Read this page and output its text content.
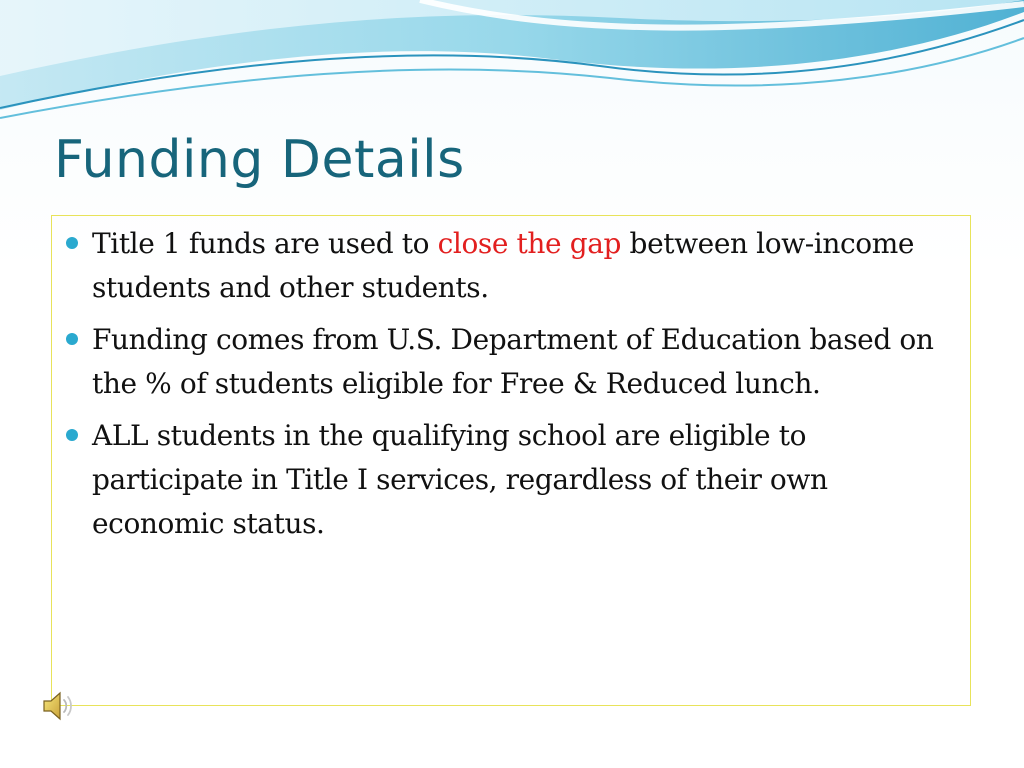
Funding Details
Title 1 funds are used to close the gap between low-income students and other students.
Funding comes from U.S. Department of Education based on the % of students eligible for Free & Reduced lunch.
ALL students in the qualifying school are eligible to participate in Title I services, regardless of their own economic status.
